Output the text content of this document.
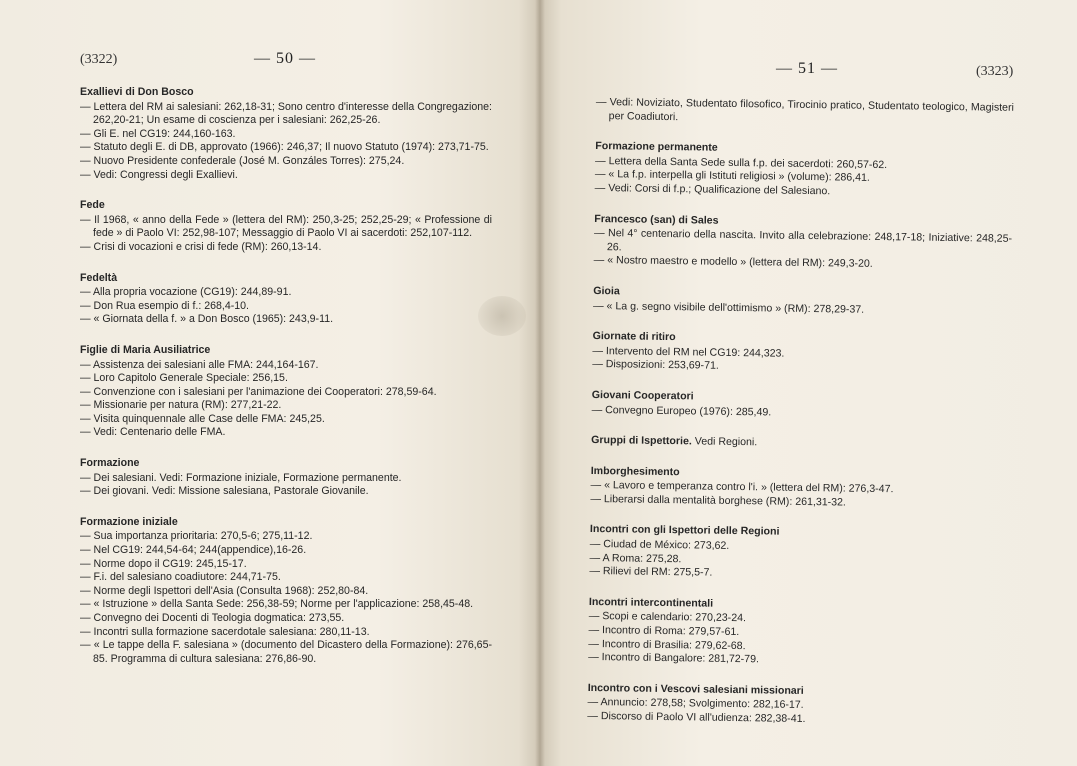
(3322)	— 50 —
Exallievi di Don Bosco
— Lettera del RM ai salesiani: 262,18-31; Sono centro d'interesse della Congregazione: 262,20-21; Un esame di coscienza per i salesiani: 262,25-26.
— Gli E. nel CG19: 244,160-163.
— Statuto degli E. di DB, approvato (1966): 246,37; Il nuovo Statuto (1974): 273,71-75.
— Nuovo Presidente confederale (José M. Gonzáles Torres): 275,24.
— Vedi: Congressi degli Exallievi.
Fede
— Il 1968, « anno della Fede » (lettera del RM): 250,3-25; 252,25-29; « Professione di fede » di Paolo VI: 252,98-107; Messaggio di Paolo VI ai sacerdoti: 252,107-112.
— Crisi di vocazioni e crisi di fede (RM): 260,13-14.
Fedeltà
— Alla propria vocazione (CG19): 244,89-91.
— Don Rua esempio di f.: 268,4-10.
— « Giornata della f. » a Don Bosco (1965): 243,9-11.
Figlie di Maria Ausiliatrice
— Assistenza dei salesiani alle FMA: 244,164-167.
— Loro Capitolo Generale Speciale: 256,15.
— Convenzione con i salesiani per l'animazione dei Cooperatori: 278,59-64.
— Missionarie per natura (RM): 277,21-22.
— Visita quinquennale alle Case delle FMA: 245,25.
— Vedi: Centenario delle FMA.
Formazione
— Dei salesiani. Vedi: Formazione iniziale, Formazione permanente.
— Dei giovani. Vedi: Missione salesiana, Pastorale Giovanile.
Formazione iniziale
— Sua importanza prioritaria: 270,5-6; 275,11-12.
— Nel CG19: 244,54-64; 244(appendice),16-26.
— Norme dopo il CG19: 245,15-17.
— F.i. del salesiano coadiutore: 244,71-75.
— Norme degli Ispettori dell'Asia (Consulta 1968): 252,80-84.
— « Istruzione » della Santa Sede: 256,38-59; Norme per l'applicazione: 258,45-48.
— Convegno dei Docenti di Teologia dogmatica: 273,55.
— Incontri sulla formazione sacerdotale salesiana: 280,11-13.
— « Le tappe della F. salesiana » (documento del Dicastero della Formazione): 276,65-85. Programma di cultura salesiana: 276,86-90.
— 51 —	(3323)
— Vedi: Noviziato, Studentato filosofico, Tirocinio pratico, Studentato teologico, Magisteri per Coadiutori.
Formazione permanente
— Lettera della Santa Sede sulla f.p. dei sacerdoti: 260,57-62.
— « La f.p. interpella gli Istituti religiosi » (volume): 286,41.
— Vedi: Corsi di f.p.; Qualificazione del Salesiano.
Francesco (san) di Sales
— Nel 4° centenario della nascita. Invito alla celebrazione: 248,17-18; Iniziative: 248,25-26.
— « Nostro maestro e modello » (lettera del RM): 249,3-20.
Gioia
— « La g. segno visibile dell'ottimismo » (RM): 278,29-37.
Giornate di ritiro
— Intervento del RM nel CG19: 244,323.
— Disposizioni: 253,69-71.
Giovani Cooperatori
— Convegno Europeo (1976): 285,49.
Gruppi di Ispettorie. Vedi Regioni.
Imborghesimento
— « Lavoro e temperanza contro l'i. » (lettera del RM): 276,3-47.
— Liberarsi dalla mentalità borghese (RM): 261,31-32.
Incontri con gli Ispettori delle Regioni
— Ciudad de México: 273,62.
— A Roma: 275,28.
— Rilievi del RM: 275,5-7.
Incontri intercontinentali
— Scopi e calendario: 270,23-24.
— Incontro di Roma: 279,57-61.
— Incontro di Brasilia: 279,62-68.
— Incontro di Bangalore: 281,72-79.
Incontro con i Vescovi salesiani missionari
— Annuncio: 278,58; Svolgimento: 282,16-17.
— Discorso di Paolo VI all'udienza: 282,38-41.
